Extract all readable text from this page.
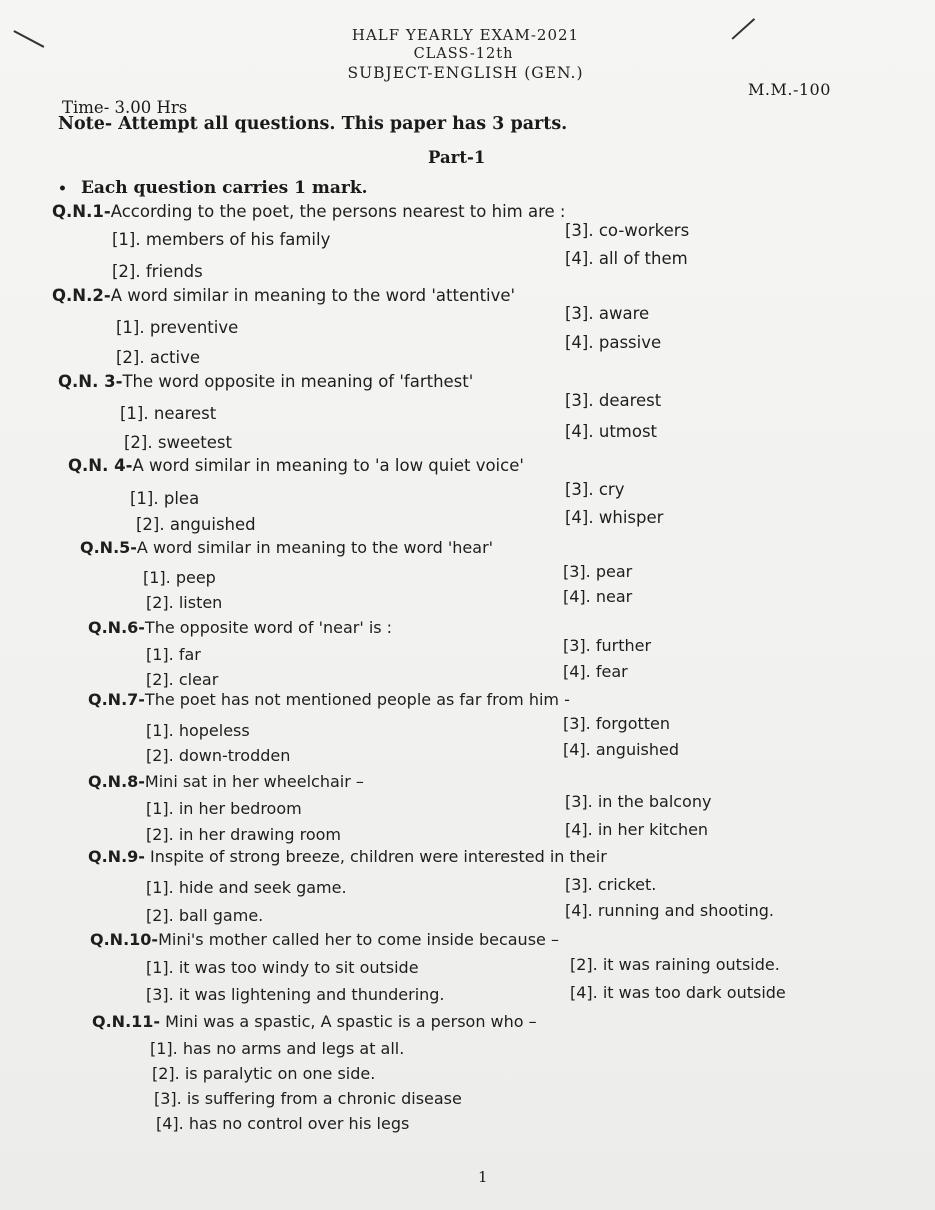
HALF YEARLY EXAM-2021
CLASS-12th
SUBJECT-ENGLISH (GEN.)
M.M.-100
Time- 3.00 Hrs
Note- Attempt all questions. This paper has 3 parts.
Part-1
• Each question carries 1 mark.
Q.N.1-According to the poet, the persons nearest to him are :
[1]. members of his family
[2]. friends
[3]. co-workers
[4]. all of them
Q.N.2-A word similar in meaning to the word 'attentive'
[1]. preventive
[2]. active
[3]. aware
[4]. passive
Q.N. 3-The word opposite in meaning of 'farthest'
[1]. nearest
[2]. sweetest
[3]. dearest
[4]. utmost
Q.N. 4-A word similar in meaning to 'a low quiet voice'
[1]. plea
[2]. anguished
[3]. cry
[4]. whisper
Q.N.5-A word similar in meaning to the word 'hear'
[1]. peep
[2]. listen
[3]. pear
[4]. near
Q.N.6-The opposite word of 'near' is :
[1]. far
[2]. clear
[3]. further
[4]. fear
Q.N.7-The poet has not mentioned people as far from him -
[1]. hopeless
[2]. down-trodden
[3]. forgotten
[4]. anguished
Q.N.8-Mini sat in her wheelchair –
[1]. in her bedroom
[2]. in her drawing room
[3]. in the balcony
[4]. in her kitchen
Q.N.9- Inspite of strong breeze, children were interested in their
[1]. hide and seek game.
[2]. ball game.
[3]. cricket.
[4]. running and shooting.
Q.N.10-Mini's mother called her to come inside because –
[1]. it was too windy to sit outside
[3]. it was lightening and thundering.
[2]. it was raining outside.
[4]. it was too dark outside
Q.N.11- Mini was a spastic, A spastic is a person who –
[1]. has no arms and legs at all.
[2]. is paralytic on one side.
[3]. is suffering from a chronic disease
[4]. has no control over his legs
1
